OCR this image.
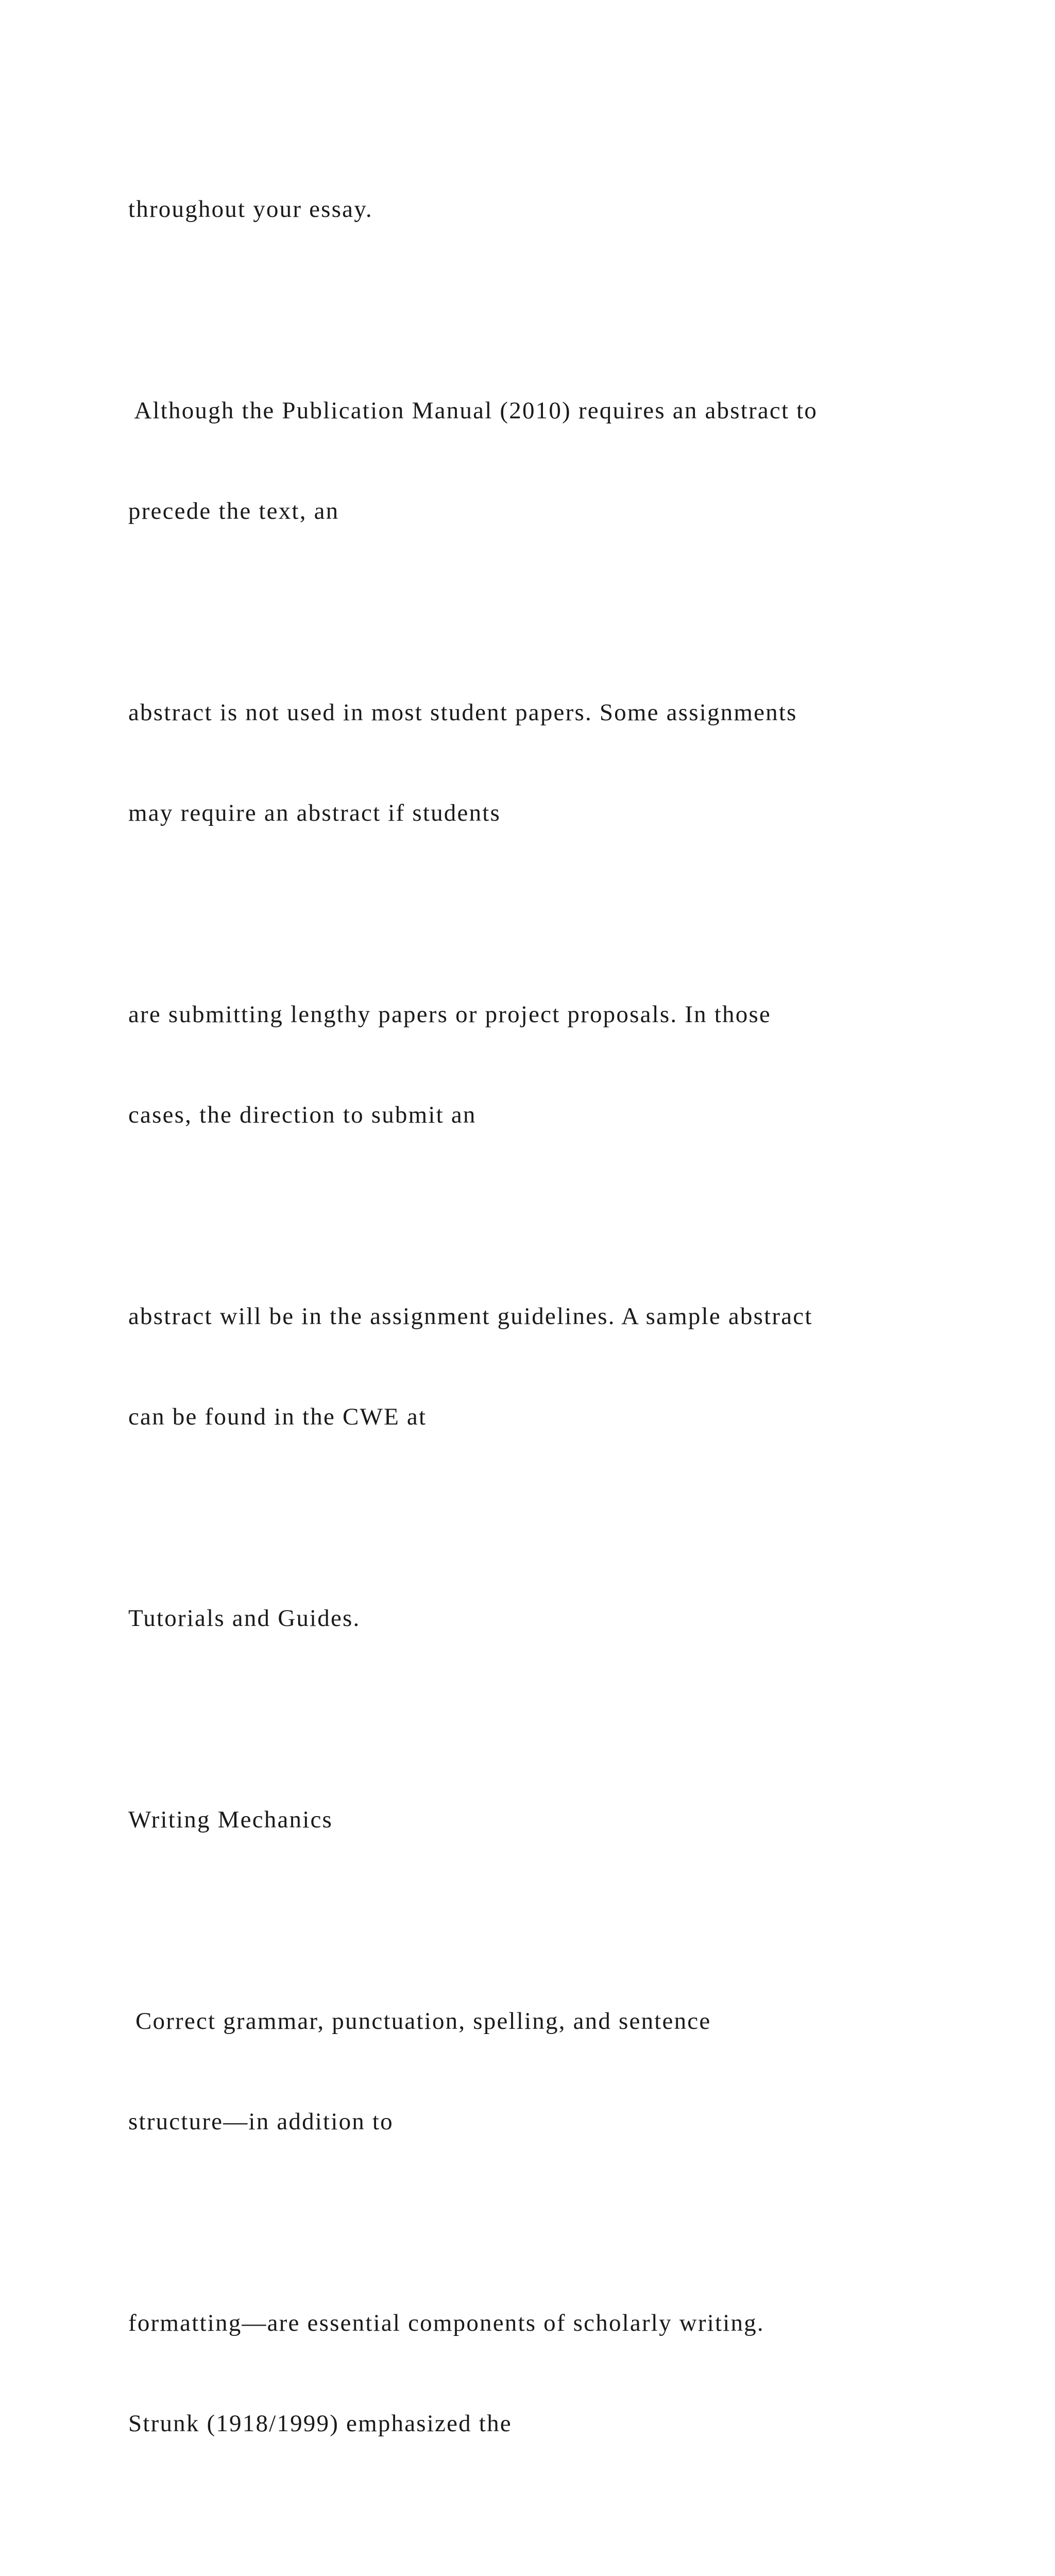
throughout your essay.

Although the Publication Manual (2010) requires an abstract to

precede the text, an

abstract is not used in most student papers. Some assignments

may require an abstract if students

are submitting lengthy papers or project proposals. In those

cases, the direction to submit an

abstract will be in the assignment guidelines. A sample abstract

can be found in the CWE at

Tutorials and Guides.

Writing Mechanics

Correct grammar, punctuation, spelling, and sentence

structure—in addition to

formatting—are essential components of scholarly writing.

Strunk (1918/1999) emphasized the
